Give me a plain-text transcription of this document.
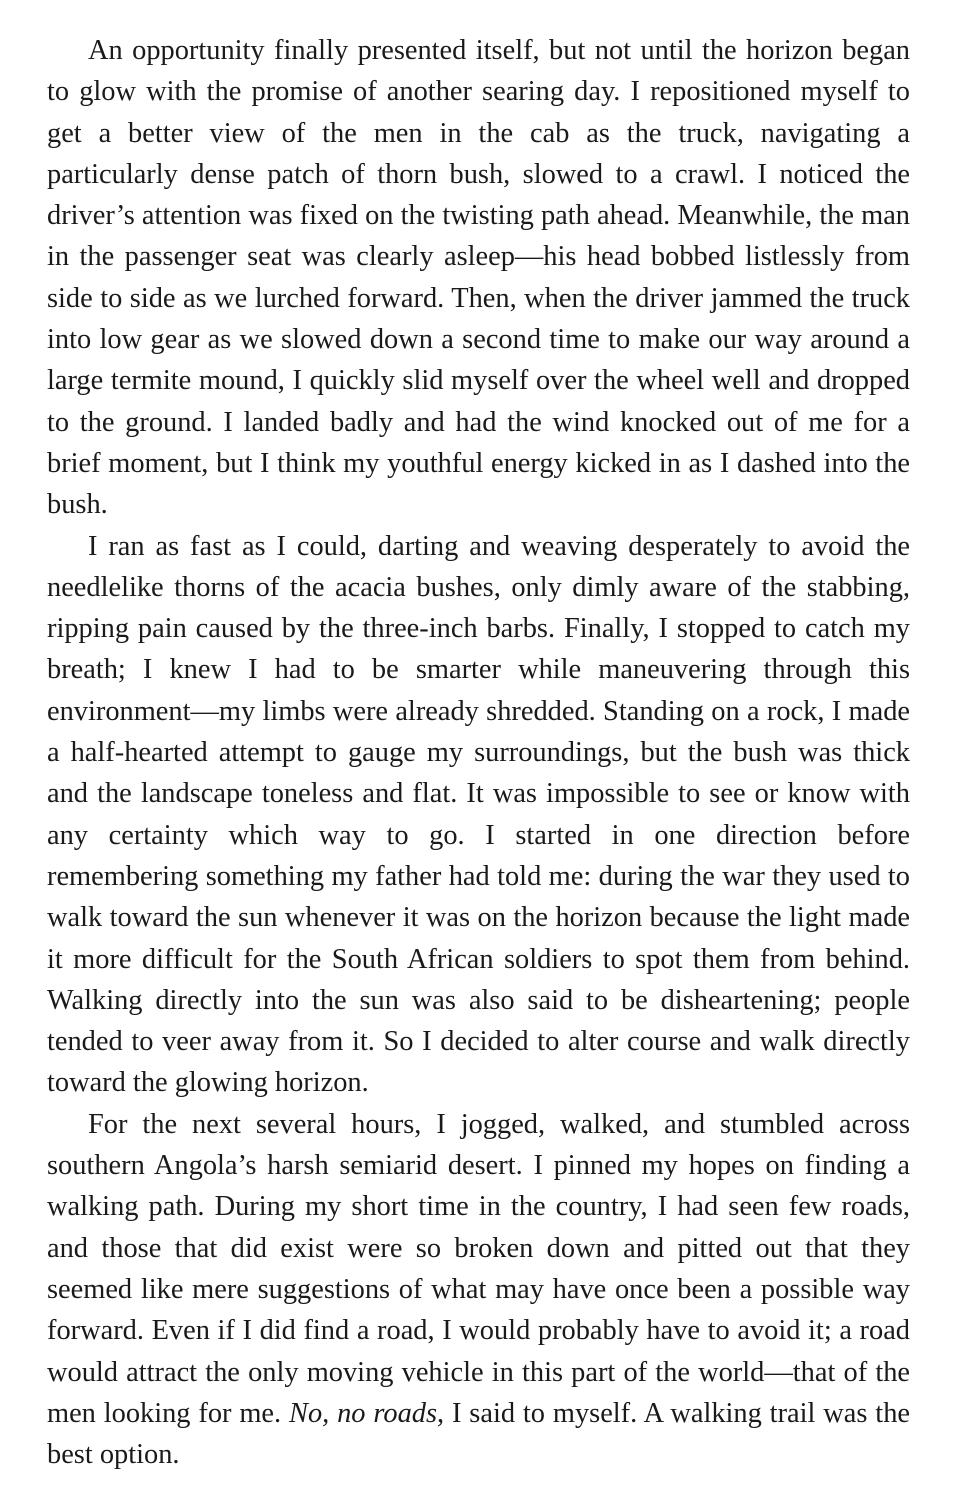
An opportunity finally presented itself, but not until the horizon began to glow with the promise of another searing day. I repositioned myself to get a better view of the men in the cab as the truck, navigating a particularly dense patch of thorn bush, slowed to a crawl. I noticed the driver’s attention was fixed on the twisting path ahead. Meanwhile, the man in the passenger seat was clearly asleep—his head bobbed listlessly from side to side as we lurched forward. Then, when the driver jammed the truck into low gear as we slowed down a second time to make our way around a large termite mound, I quickly slid myself over the wheel well and dropped to the ground. I landed badly and had the wind knocked out of me for a brief moment, but I think my youthful energy kicked in as I dashed into the bush.

I ran as fast as I could, darting and weaving desperately to avoid the needlelike thorns of the acacia bushes, only dimly aware of the stabbing, ripping pain caused by the three-inch barbs. Finally, I stopped to catch my breath; I knew I had to be smarter while maneuvering through this environment—my limbs were already shredded. Standing on a rock, I made a half-hearted attempt to gauge my surroundings, but the bush was thick and the landscape toneless and flat. It was impossible to see or know with any certainty which way to go. I started in one direction before remembering something my father had told me: during the war they used to walk toward the sun whenever it was on the horizon because the light made it more difficult for the South African soldiers to spot them from behind. Walking directly into the sun was also said to be disheartening; people tended to veer away from it. So I decided to alter course and walk directly toward the glowing horizon.

For the next several hours, I jogged, walked, and stumbled across southern Angola’s harsh semiarid desert. I pinned my hopes on finding a walking path. During my short time in the country, I had seen few roads, and those that did exist were so broken down and pitted out that they seemed like mere suggestions of what may have once been a possible way forward. Even if I did find a road, I would probably have to avoid it; a road would attract the only moving vehicle in this part of the world—that of the men looking for me. No, no roads, I said to myself. A walking trail was the best option.
